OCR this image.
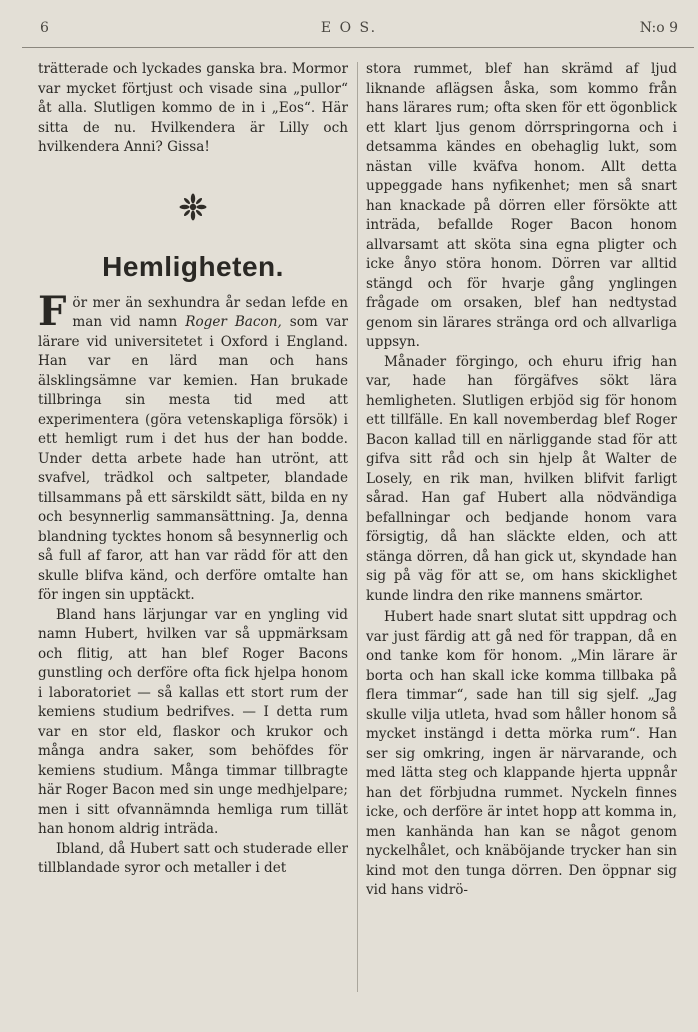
6	E O S.	N:o 9

trätterade och lyckades ganska bra. Mormor var mycket förtjust och visade sina „pullor“ åt alla. Slutligen kommo de in i „Eos“. Här sitta de nu. Hvilkendera är Lilly och hvilkendera Anni? Gissa!

Hemligheten.

För mer än sexhundra år sedan lefde en man vid namn Roger Bacon, som var lärare vid universitetet i Oxford i England. Han var en lärd man och hans älsklingsämne var kemien. Han brukade tillbringa sin mesta tid med att experimentera (göra vetenskapliga försök) i ett hemligt rum i det hus der han bodde. Under detta arbete hade han utrönt, att svafvel, trädkol och saltpeter, blandade tillsammans på ett särskildt sätt, bilda en ny och besynnerlig sammansättning. Ja, denna blandning tycktes honom så besynnerlig och så full af faror, att han var rädd för att den skulle blifva känd, och derföre omtalte han för ingen sin upptäckt.

Bland hans lärjungar var en yngling vid namn Hubert, hvilken var så uppmärksam och flitig, att han blef Roger Bacons gunstling och derföre ofta fick hjelpa honom i laboratoriet — så kallas ett stort rum der kemiens studium bedrifves. — I detta rum var en stor eld, flaskor och krukor och många andra saker, som behöfdes för kemiens studium. Många timmar tillbragte här Roger Bacon med sin unge medhjelpare; men i sitt ofvannämnda hemliga rum tillät han honom aldrig inträda.

Ibland, då Hubert satt och studerade eller tillblandade syror och metaller i det

stora rummet, blef han skrämd af ljud liknande aflägsen åska, som kommo från hans lärares rum; ofta sken för ett ögonblick ett klart ljus genom dörrspringorna och i detsamma kändes en obehaglig lukt, som nästan ville kväfva honom. Allt detta uppeggade hans nyfikenhet; men så snart han knackade på dörren eller försökte att inträda, befallde Roger Bacon honom allvarsamt att sköta sina egna pligter och icke ånyo störa honom. Dörren var alltid stängd och för hvarje gång ynglingen frågade om orsaken, blef han nedtystad genom sin lärares stränga ord och allvarliga uppsyn.

Månader förgingo, och ehuru ifrig han var, hade han förgäfves sökt lära hemligheten. Slutligen erbjöd sig för honom ett tillfälle. En kall novemberdag blef Roger Bacon kallad till en närliggande stad för att gifva sitt råd och sin hjelp åt Walter de Losely, en rik man, hvilken blifvit farligt sårad. Han gaf Hubert alla nödvändiga befallningar och bedjande honom vara försigtig, då han släckte elden, och att stänga dörren, då han gick ut, skyndade han sig på väg för att se, om hans skicklighet kunde lindra den rike mannens smärtor.

Hubert hade snart slutat sitt uppdrag och var just färdig att gå ned för trappan, då en ond tanke kom för honom. „Min lärare är borta och han skall icke komma tillbaka på flera timmar“, sade han till sig sjelf. „Jag skulle vilja utleta, hvad som håller honom så mycket instängd i detta mörka rum“. Han ser sig omkring, ingen är närvarande, och med lätta steg och klappande hjerta uppnår han det förbjudna rummet. Nyckeln finnes icke, och derföre är intet hopp att komma in, men kanhända han kan se något genom nyckelhålet, och knäböjande trycker han sin kind mot den tunga dörren. Den öppnar sig vid hans vidrö-
